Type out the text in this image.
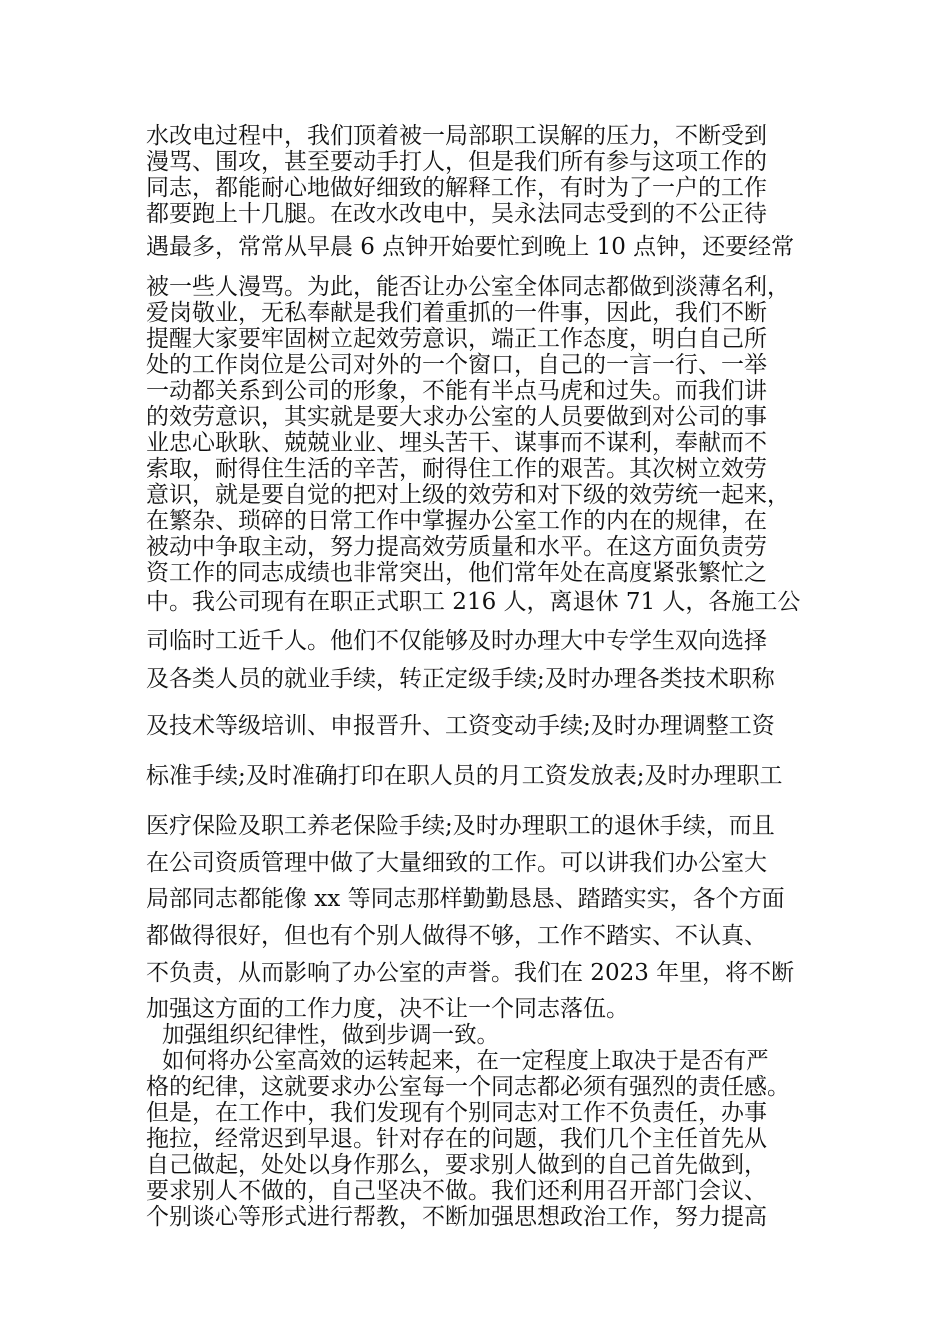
水改电过程中，我们顶着被一局部职工误解的压力，不断受到
漫骂、围攻，甚至要动手打人，但是我们所有参与这项工作的
同志，都能耐心地做好细致的解释工作，有时为了一户的工作
都要跑上十几腿。在改水改电中，吴永法同志受到的不公正待
遇最多，常常从早晨 6 点钟开始要忙到晚上 10 点钟，还要经常
被一些人漫骂。为此，能否让办公室全体同志都做到淡薄名利，
爱岗敬业，无私奉献是我们着重抓的一件事，因此，我们不断
提醒大家要牢固树立起效劳意识，端正工作态度，明白自己所
处的工作岗位是公司对外的一个窗口，自己的一言一行、一举
一动都关系到公司的形象，不能有半点马虎和过失。而我们讲
的效劳意识，其实就是要大求办公室的人员要做到对公司的事
业忠心耿耿、兢兢业业、埋头苦干、谋事而不谋利，奉献而不
索取，耐得住生活的辛苦，耐得住工作的艰苦。其次树立效劳
意识，就是要自觉的把对上级的效劳和对下级的效劳统一起来，
在繁杂、琐碎的日常工作中掌握办公室工作的内在的规律，在
被动中争取主动，努力提高效劳质量和水平。在这方面负责劳
资工作的同志成绩也非常突出，他们常年处在高度紧张繁忙之
中。我公司现有在职正式职工 216 人，离退休 71 人，各施工公
司临时工近千人。他们不仅能够及时办理大中专学生双向选择
及各类人员的就业手续，转正定级手续;及时办理各类技术职称
及技术等级培训、申报晋升、工资变动手续;及时办理调整工资
标准手续;及时准确打印在职人员的月工资发放表;及时办理职工
医疗保险及职工养老保险手续;及时办理职工的退休手续，而且
在公司资质管理中做了大量细致的工作。可以讲我们办公室大
局部同志都能像 xx 等同志那样勤勤恳恳、踏踏实实，各个方面
都做得很好，但也有个别人做得不够，工作不踏实、不认真、
不负责，从而影响了办公室的声誉。我们在 2023 年里，将不断
加强这方面的工作力度，决不让一个同志落伍。
加强组织纪律性，做到步调一致。
如何将办公室高效的运转起来，在一定程度上取决于是否有严
格的纪律，这就要求办公室每一个同志都必须有强烈的责任感。
但是，在工作中，我们发现有个别同志对工作不负责任，办事
拖拉，经常迟到早退。针对存在的问题，我们几个主任首先从
自己做起，处处以身作那么，要求别人做到的自己首先做到，
要求别人不做的，自己坚决不做。我们还利用召开部门会议、
个别谈心等形式进行帮教，不断加强思想政治工作，努力提高
